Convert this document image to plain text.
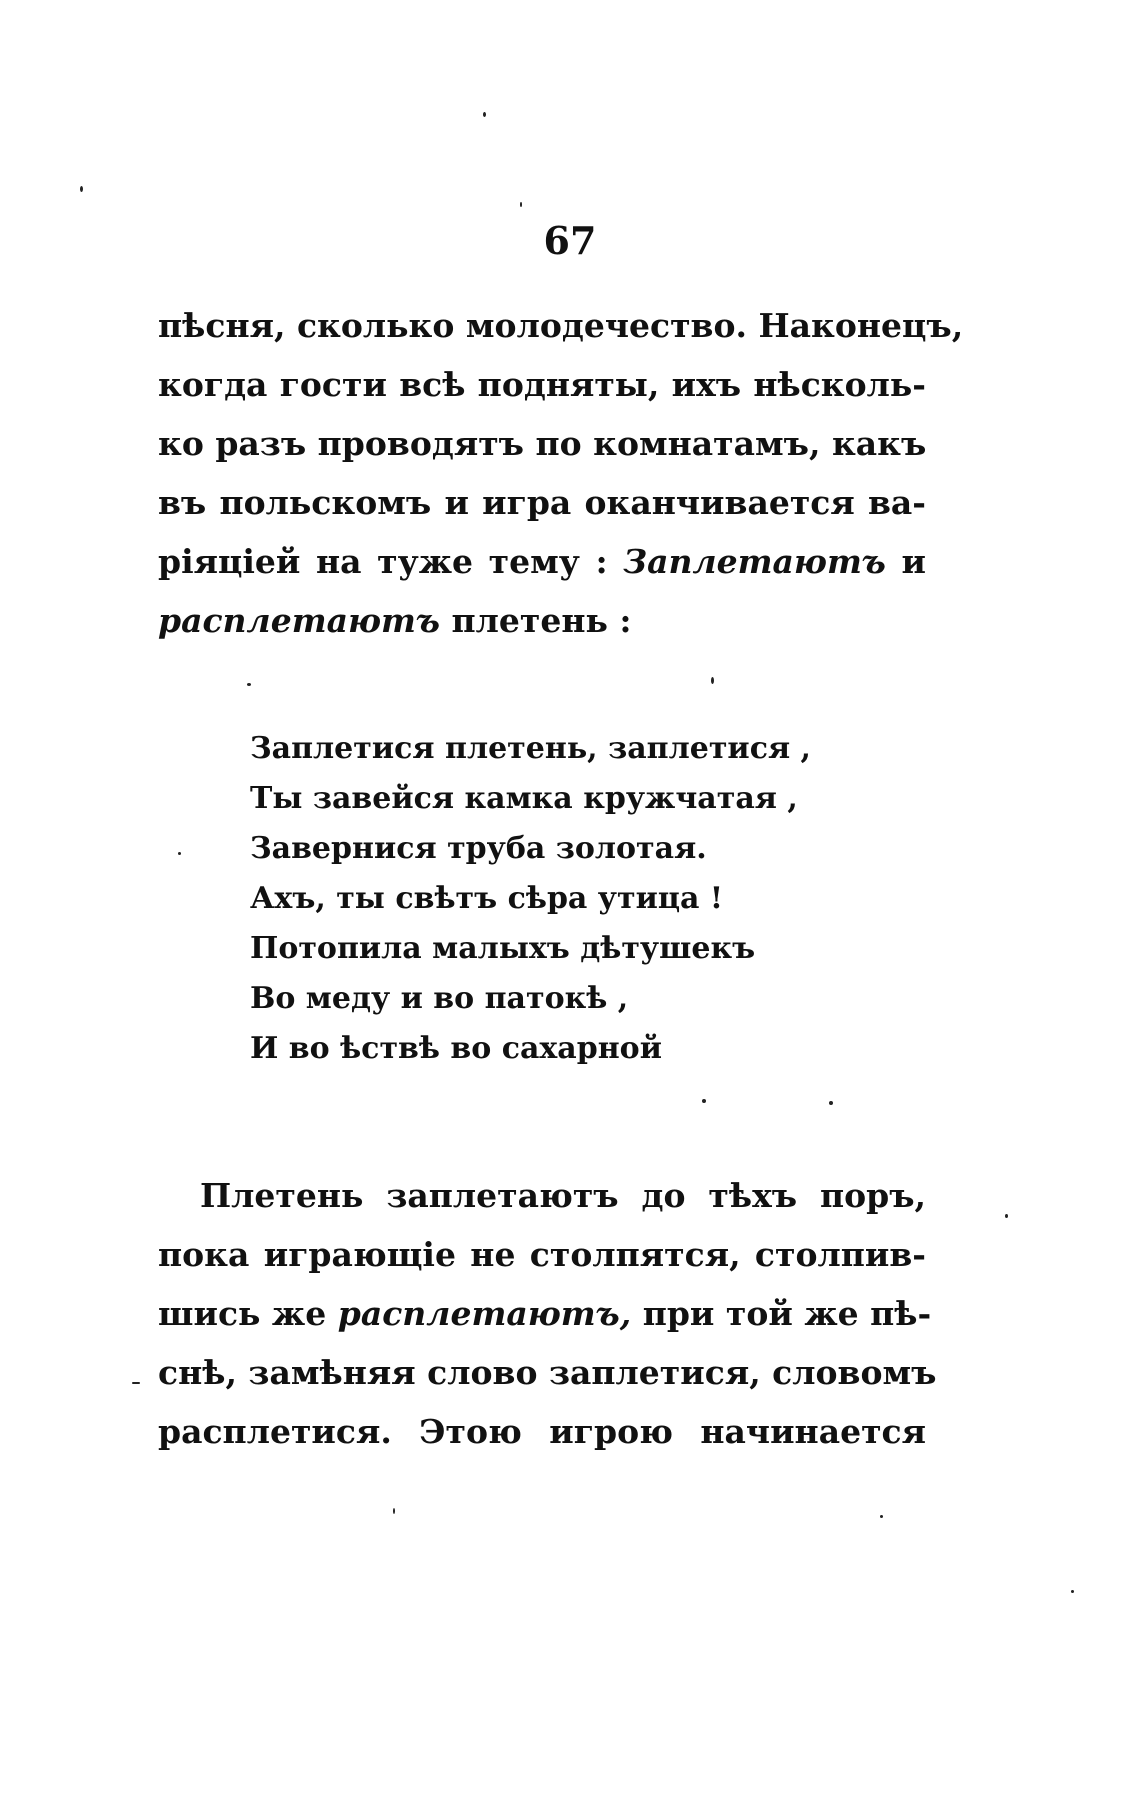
67

пѣсня, сколько молодечество. Наконецъ,
когда гости всѣ подняты, ихъ нѣсколь-
ко разъ проводятъ по комнатамъ, какъ
въ польскомъ и игра оканчивается ва-
ріяціей на туже тему : Заплетаютъ и
расплетаютъ плетень :

Заплетися плетень, заплетися ,
Ты завейся камка кружчатая ,
Завернися труба золотая.
Ахъ, ты свѣтъ сѣра утица !
Потопила малыхъ дѣтушекъ
Во меду и во патокѣ ,
И во ѣствѣ во сахарной

Плетень заплетаютъ до тѣхъ поръ,
пока играющіе не столпятся, столпив-
шись же расплетаютъ, при той же пѣ-
снѣ, замѣняя слово заплетися, словомъ
расплетися. Этою игрою начинается
